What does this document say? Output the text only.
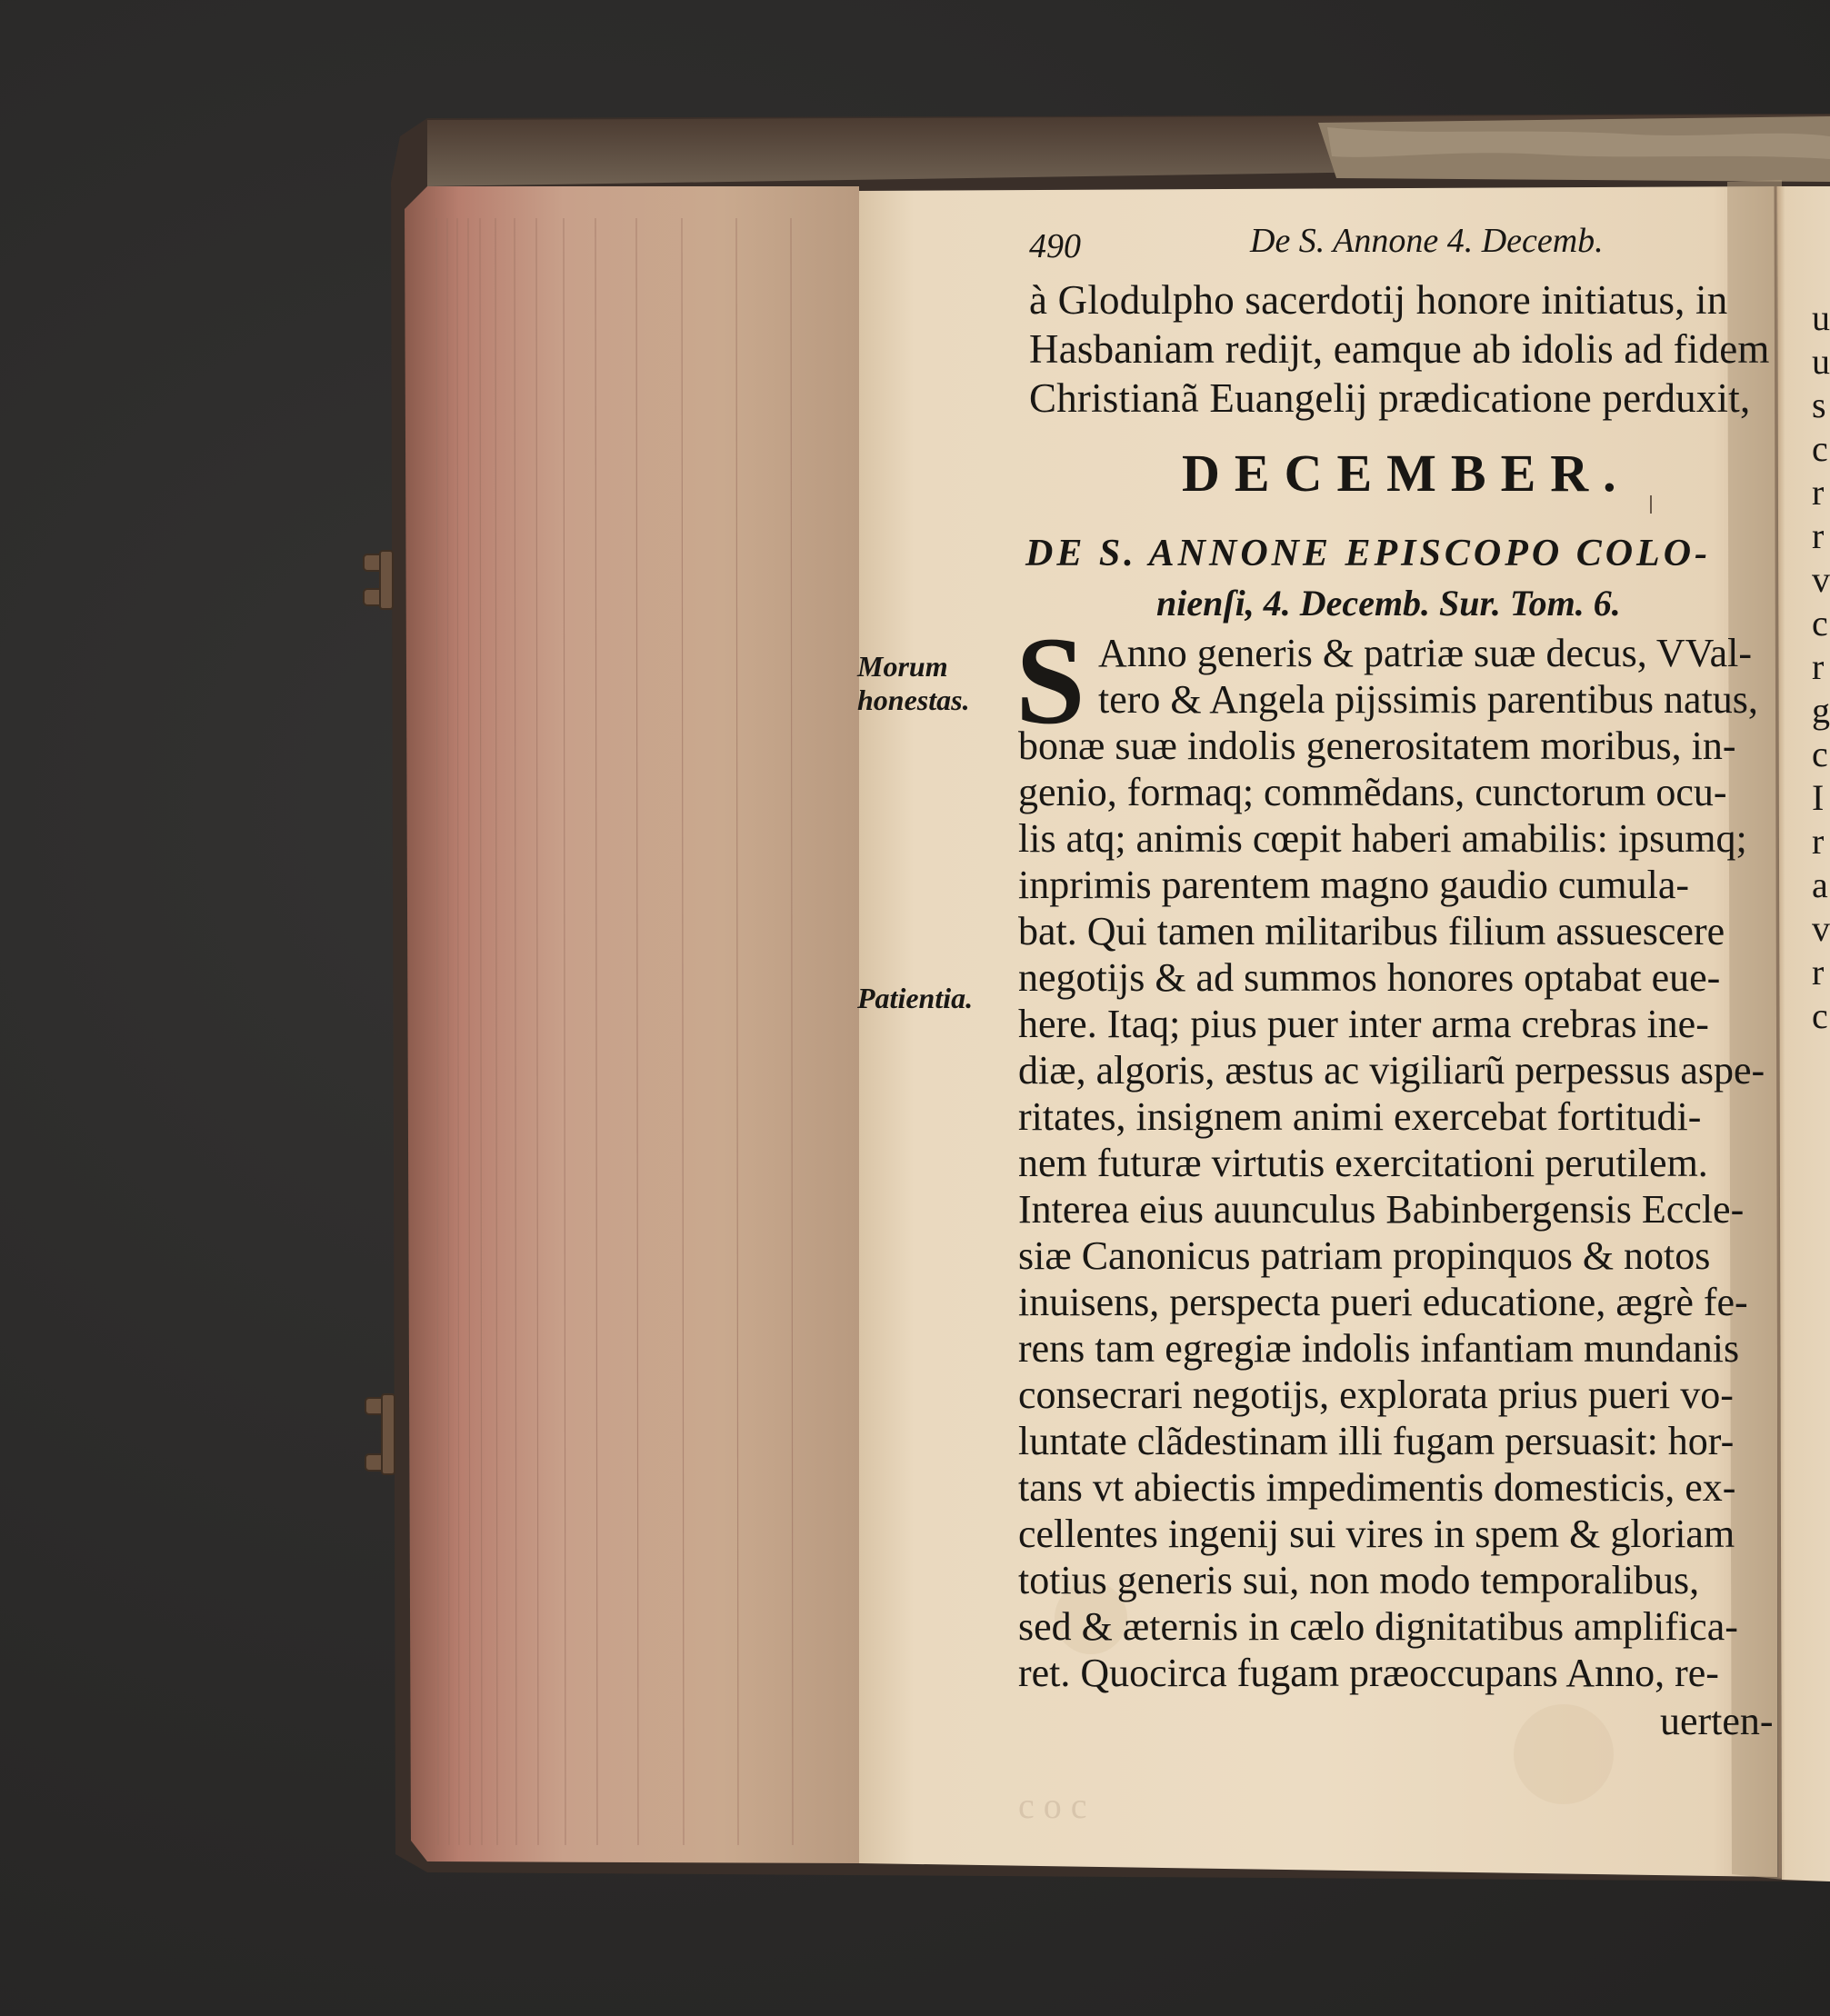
c o c
490	De S. Annone 4. Decemb.
à Glodulpho sacerdotij honore initiatus, in
Hasbaniam redijt, eamque ab idolis ad fidem
Christianã Euangelij prædicatione perduxit,
DECEMBER.
DE S. ANNONE EPISCOPO COLO-
nienſi, 4. Decemb. Sur. Tom. 6.
S Anno generis & patriæ suæ decus, VVal-
tero & Angela pijssimis parentibus natus,
bonæ suæ indolis generositatem moribus, in-
genio, formaq; commẽdans, cunctorum ocu-
lis atq; animis cœpit haberi amabilis: ipsumq;
inprimis parentem magno gaudio cumula-
bat. Qui tamen militaribus filium assuescere
negotijs & ad summos honores optabat eue-
here. Itaq; pius puer inter arma crebras ine-
diæ, algoris, æstus ac vigiliarũ perpessus aspe-
ritates, insignem animi exercebat fortitudi-
nem futuræ virtutis exercitationi perutilem.
Interea eius auunculus Babinbergensis Eccle-
siæ Canonicus patriam propinquos & notos
inuisens, perspecta pueri educatione, ægrè fe-
rens tam egregiæ indolis infantiam mundanis
consecrari negotijs, explorata prius pueri vo-
luntate clãdestinam illi fugam persuasit: hor-
tans vt abiectis impedimentis domesticis, ex-
cellentes ingenij sui vires in spem & gloriam
totius generis sui, non modo temporalibus,
sed & æternis in cælo dignitatibus amplifica-
ret. Quocirca fugam præoccupans Anno, re-
uerten-
Morum
honestas.
Patientia.
u
u
s
c
r
r
v
c
r
g
c
I
r
a
v
r
c
